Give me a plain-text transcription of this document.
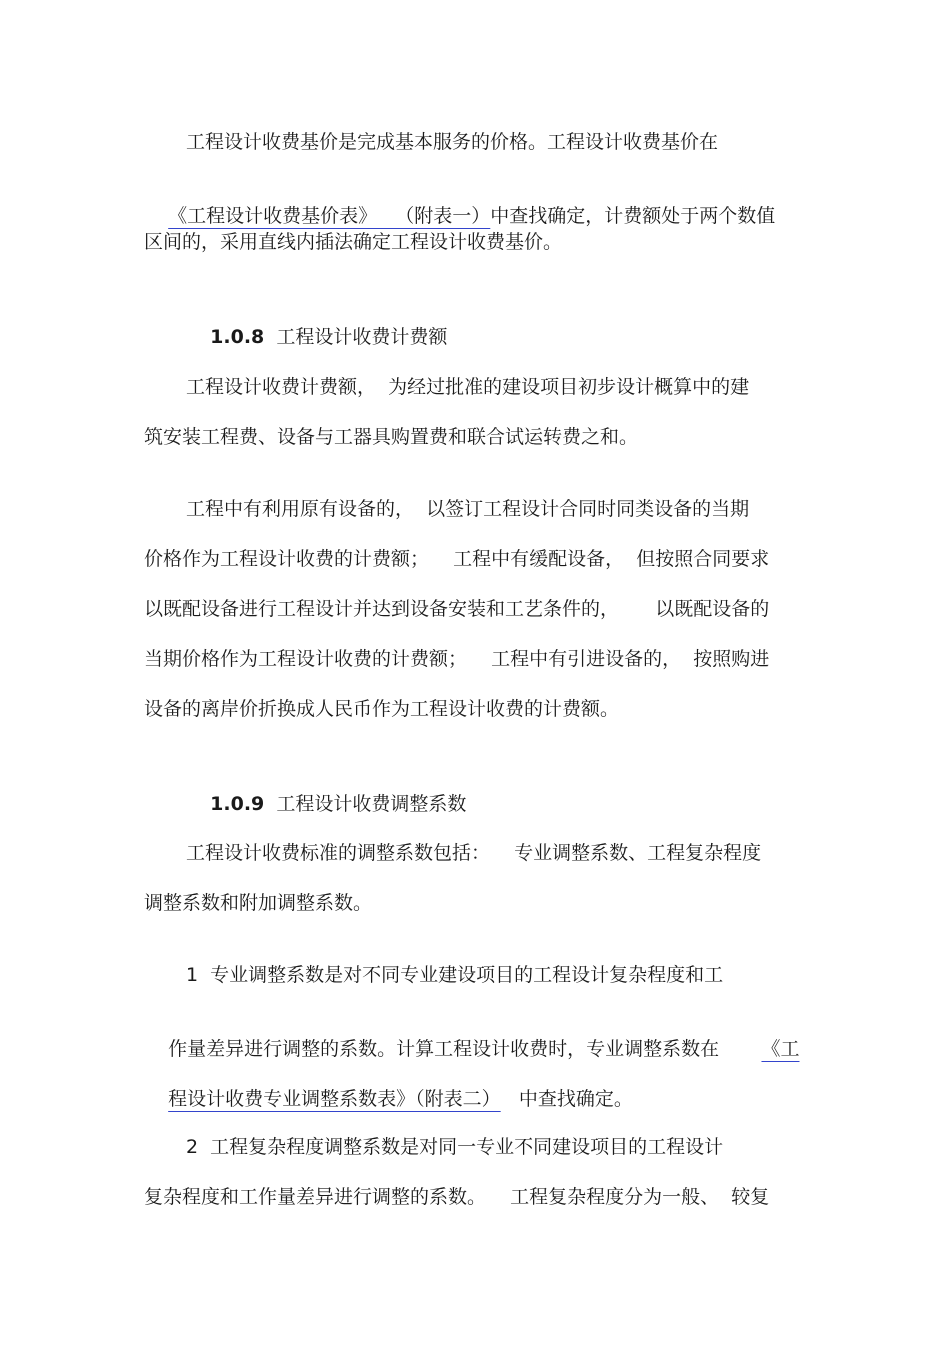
工程设计收费基价是完成基本服务的价格。工程设计收费基价在

《工程设计收费基价表》   （附表一）中查找确定，计费额处于两个数值

区间的，采用直线内插法确定工程设计收费基价。

1.0.8 工程设计收费计费额

工程设计收费计费额，  为经过批准的建设项目初步设计概算中的建
筑安装工程费、设备与工器具购置费和联合试运转费之和。
工程中有利用原有设备的，  以签订工程设计合同时同类设备的当期
价格作为工程设计收费的计费额；    工程中有缓配设备，  但按照合同要求
以既配设备进行工程设计并达到设备安装和工艺条件的，      以既配设备的
当期价格作为工程设计收费的计费额；    工程中有引进设备的，  按照购进
设备的离岸价折换成人民币作为工程设计收费的计费额。

1.0.9 工程设计收费调整系数

工程设计收费标准的调整系数包括：    专业调整系数、工程复杂程度
调整系数和附加调整系数。
1  专业调整系数是对不同专业建设项目的工程设计复杂程度和工

作量差异进行调整的系数。计算工程设计收费时，专业调整系数在 《工

程设计收费专业调整系数表》（附表二） 中查找确定。

2  工程复杂程度调整系数是对同一专业不同建设项目的工程设计
复杂程度和工作量差异进行调整的系数。    工程复杂程度分为一般、  较复
